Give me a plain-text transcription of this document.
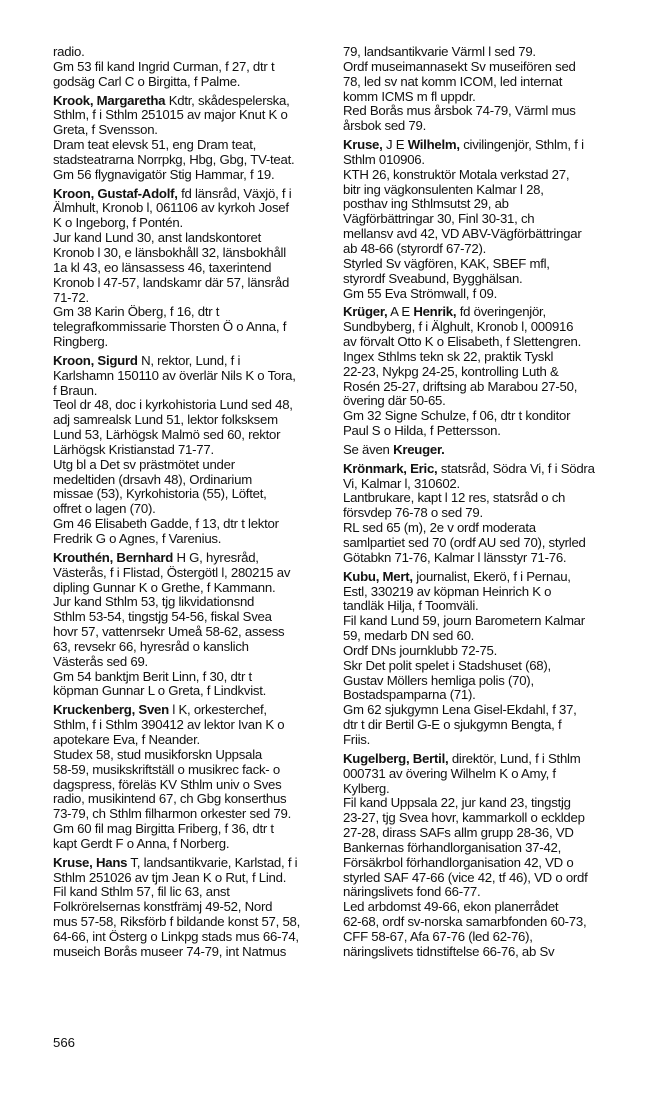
radio.
Gm 53 fil kand Ingrid Curman, f 27, dtr t
godsäg Carl C o Birgitta, f Palme.
Krook, Margaretha Kdtr, skådespelerska,
Sthlm, f i Sthlm 251015 av major Knut K o
Greta, f Svensson.
Dram teat elevsk 51, eng Dram teat,
stadsteatrarna Norrpkg, Hbg, Gbg, TV-teat.
Gm 56 flygnavigatör Stig Hammar, f 19.
Kroon, Gustaf-Adolf, fd länsråd, Växjö, f i
Älmhult, Kronob l, 061106 av kyrkoh Josef
K o Ingeborg, f Pontén.
Jur kand Lund 30, anst landskontoret
Kronob l 30, e länsbokhåll 32, länsbokhåll
1a kl 43, eo länsassess 46, taxerintend
Kronob l 47-57, landskamr där 57, länsråd
71-72.
Gm 38 Karin Öberg, f 16, dtr t
telegrafkommissarie Thorsten Ö o Anna, f
Ringberg.
Kroon, Sigurd N, rektor, Lund, f i
Karlshamn 150110 av överlär Nils K o Tora,
f Braun.
Teol dr 48, doc i kyrkohistoria Lund sed 48,
adj samrealsk Lund 51, lektor folksksem
Lund 53, Lärhögsk Malmö sed 60, rektor
Lärhögsk Kristianstad 71-77.
Utg bl a Det sv prästmötet under
medeltiden (drsavh 48), Ordinarium
missae (53), Kyrkohistoria (55), Löftet,
offret o lagen (70).
Gm 46 Elisabeth Gadde, f 13, dtr t lektor
Fredrik G o Agnes, f Varenius.
Krouthén, Bernhard H G, hyresråd,
Västerås, f i Flistad, Östergötl l, 280215 av
dipling Gunnar K o Grethe, f Kammann.
Jur kand Sthlm 53, tjg likvidationsnd
Sthlm 53-54, tingstjg 54-56, fiskal Svea
hovr 57, vattenrsekr Umeå 58-62, assess
63, revsekr 66, hyresråd o kanslich
Västerås sed 69.
Gm 54 banktjm Berit Linn, f 30, dtr t
köpman Gunnar L o Greta, f Lindkvist.
Kruckenberg, Sven l K, orkesterchef,
Sthlm, f i Sthlm 390412 av lektor Ivan K o
apotekare Eva, f Neander.
Studex 58, stud musikforskn Uppsala
58-59, musikskriftställ o musikrec fack- o
dagspress, föreläs KV Sthlm univ o Sves
radio, musikintend 67, ch Gbg konserthus
73-79, ch Sthlm filharmon orkester sed 79.
Gm 60 fil mag Birgitta Friberg, f 36, dtr t
kapt Gerdt F o Anna, f Norberg.
Kruse, Hans T, landsantikvarie, Karlstad, f i
Sthlm 251026 av tjm Jean K o Rut, f Lind.
Fil kand Sthlm 57, fil lic 63, anst
Folkrörelsernas konstfrämj 49-52, Nord
mus 57-58, Riksförb f bildande konst 57, 58,
64-66, int Österg o Linkpg stads mus 66-74,
museich Borås museer 74-79, int Natmus
79, landsantikvarie Värml l sed 79.
Ordf museimannasekt Sv museifören sed
78, led sv nat komm ICOM, led internat
komm ICMS m fl uppdr.
Red Borås mus årsbok 74-79, Värml mus
årsbok sed 79.
Kruse, J E Wilhelm, civilingenjör, Sthlm, f i
Sthlm 010906.
KTH 26, konstruktör Motala verkstad 27,
bitr ing vägkonsulenten Kalmar l 28,
posthav ing Sthlmsutst 29, ab
Vägförbättringar 30, Finl 30-31, ch
mellansv avd 42, VD ABV-Vägförbättringar
ab 48-66 (styrordf 67-72).
Styrled Sv vägfören, KAK, SBEF mfl,
styrordf Sveabund, Bygghälsan.
Gm 55 Eva Strömwall, f 09.
Krüger, A E Henrik, fd överingenjör,
Sundbyberg, f i Älghult, Kronob l, 000916
av förvalt Otto K o Elisabeth, f Slettengren.
Ingex Sthlms tekn sk 22, praktik Tyskl
22-23, Nykpg 24-25, kontrolling Luth &
Rosén 25-27, driftsing ab Marabou 27-50,
övering där 50-65.
Gm 32 Signe Schulze, f 06, dtr t konditor
Paul S o Hilda, f Pettersson.
Se även Kreuger.
Krönmark, Eric, statsråd, Södra Vi, f i Södra
Vi, Kalmar l, 310602.
Lantbrukare, kapt l 12 res, statsråd o ch
försvdep 76-78 o sed 79.
RL sed 65 (m), 2e v ordf moderata
samlpartiet sed 70 (ordf AU sed 70), styrled
Götabkn 71-76, Kalmar l länsstyr 71-76.
Kubu, Mert, journalist, Ekerö, f i Pernau,
Estl, 330219 av köpman Heinrich K o
tandläk Hilja, f Toomväli.
Fil kand Lund 59, journ Barometern Kalmar
59, medarb DN sed 60.
Ordf DNs journklubb 72-75.
Skr Det polit spelet i Stadshuset (68),
Gustav Möllers hemliga polis (70),
Bostadspamparna (71).
Gm 62 sjukgymn Lena Gisel-Ekdahl, f 37,
dtr t dir Bertil G-E o sjukgymn Bengta, f
Friis.
Kugelberg, Bertil, direktör, Lund, f i Sthlm
000731 av övering Wilhelm K o Amy, f
Kylberg.
Fil kand Uppsala 22, jur kand 23, tingstjg
23-27, tjg Svea hovr, kammarkoll o eckldep
27-28, dirass SAFs allm grupp 28-36, VD
Bankernas förhandlorganisation 37-42,
Försäkrbol förhandlorganisation 42, VD o
styrled SAF 47-66 (vice 42, tf 46), VD o ordf
näringslivets fond 66-77.
Led arbdomst 49-66, ekon planerrådet
62-68, ordf sv-norska samarbfonden 60-73,
CFF 58-67, Afa 67-76 (led 62-76),
näringslivets tidnstiftelse 66-76, ab Sv
566
